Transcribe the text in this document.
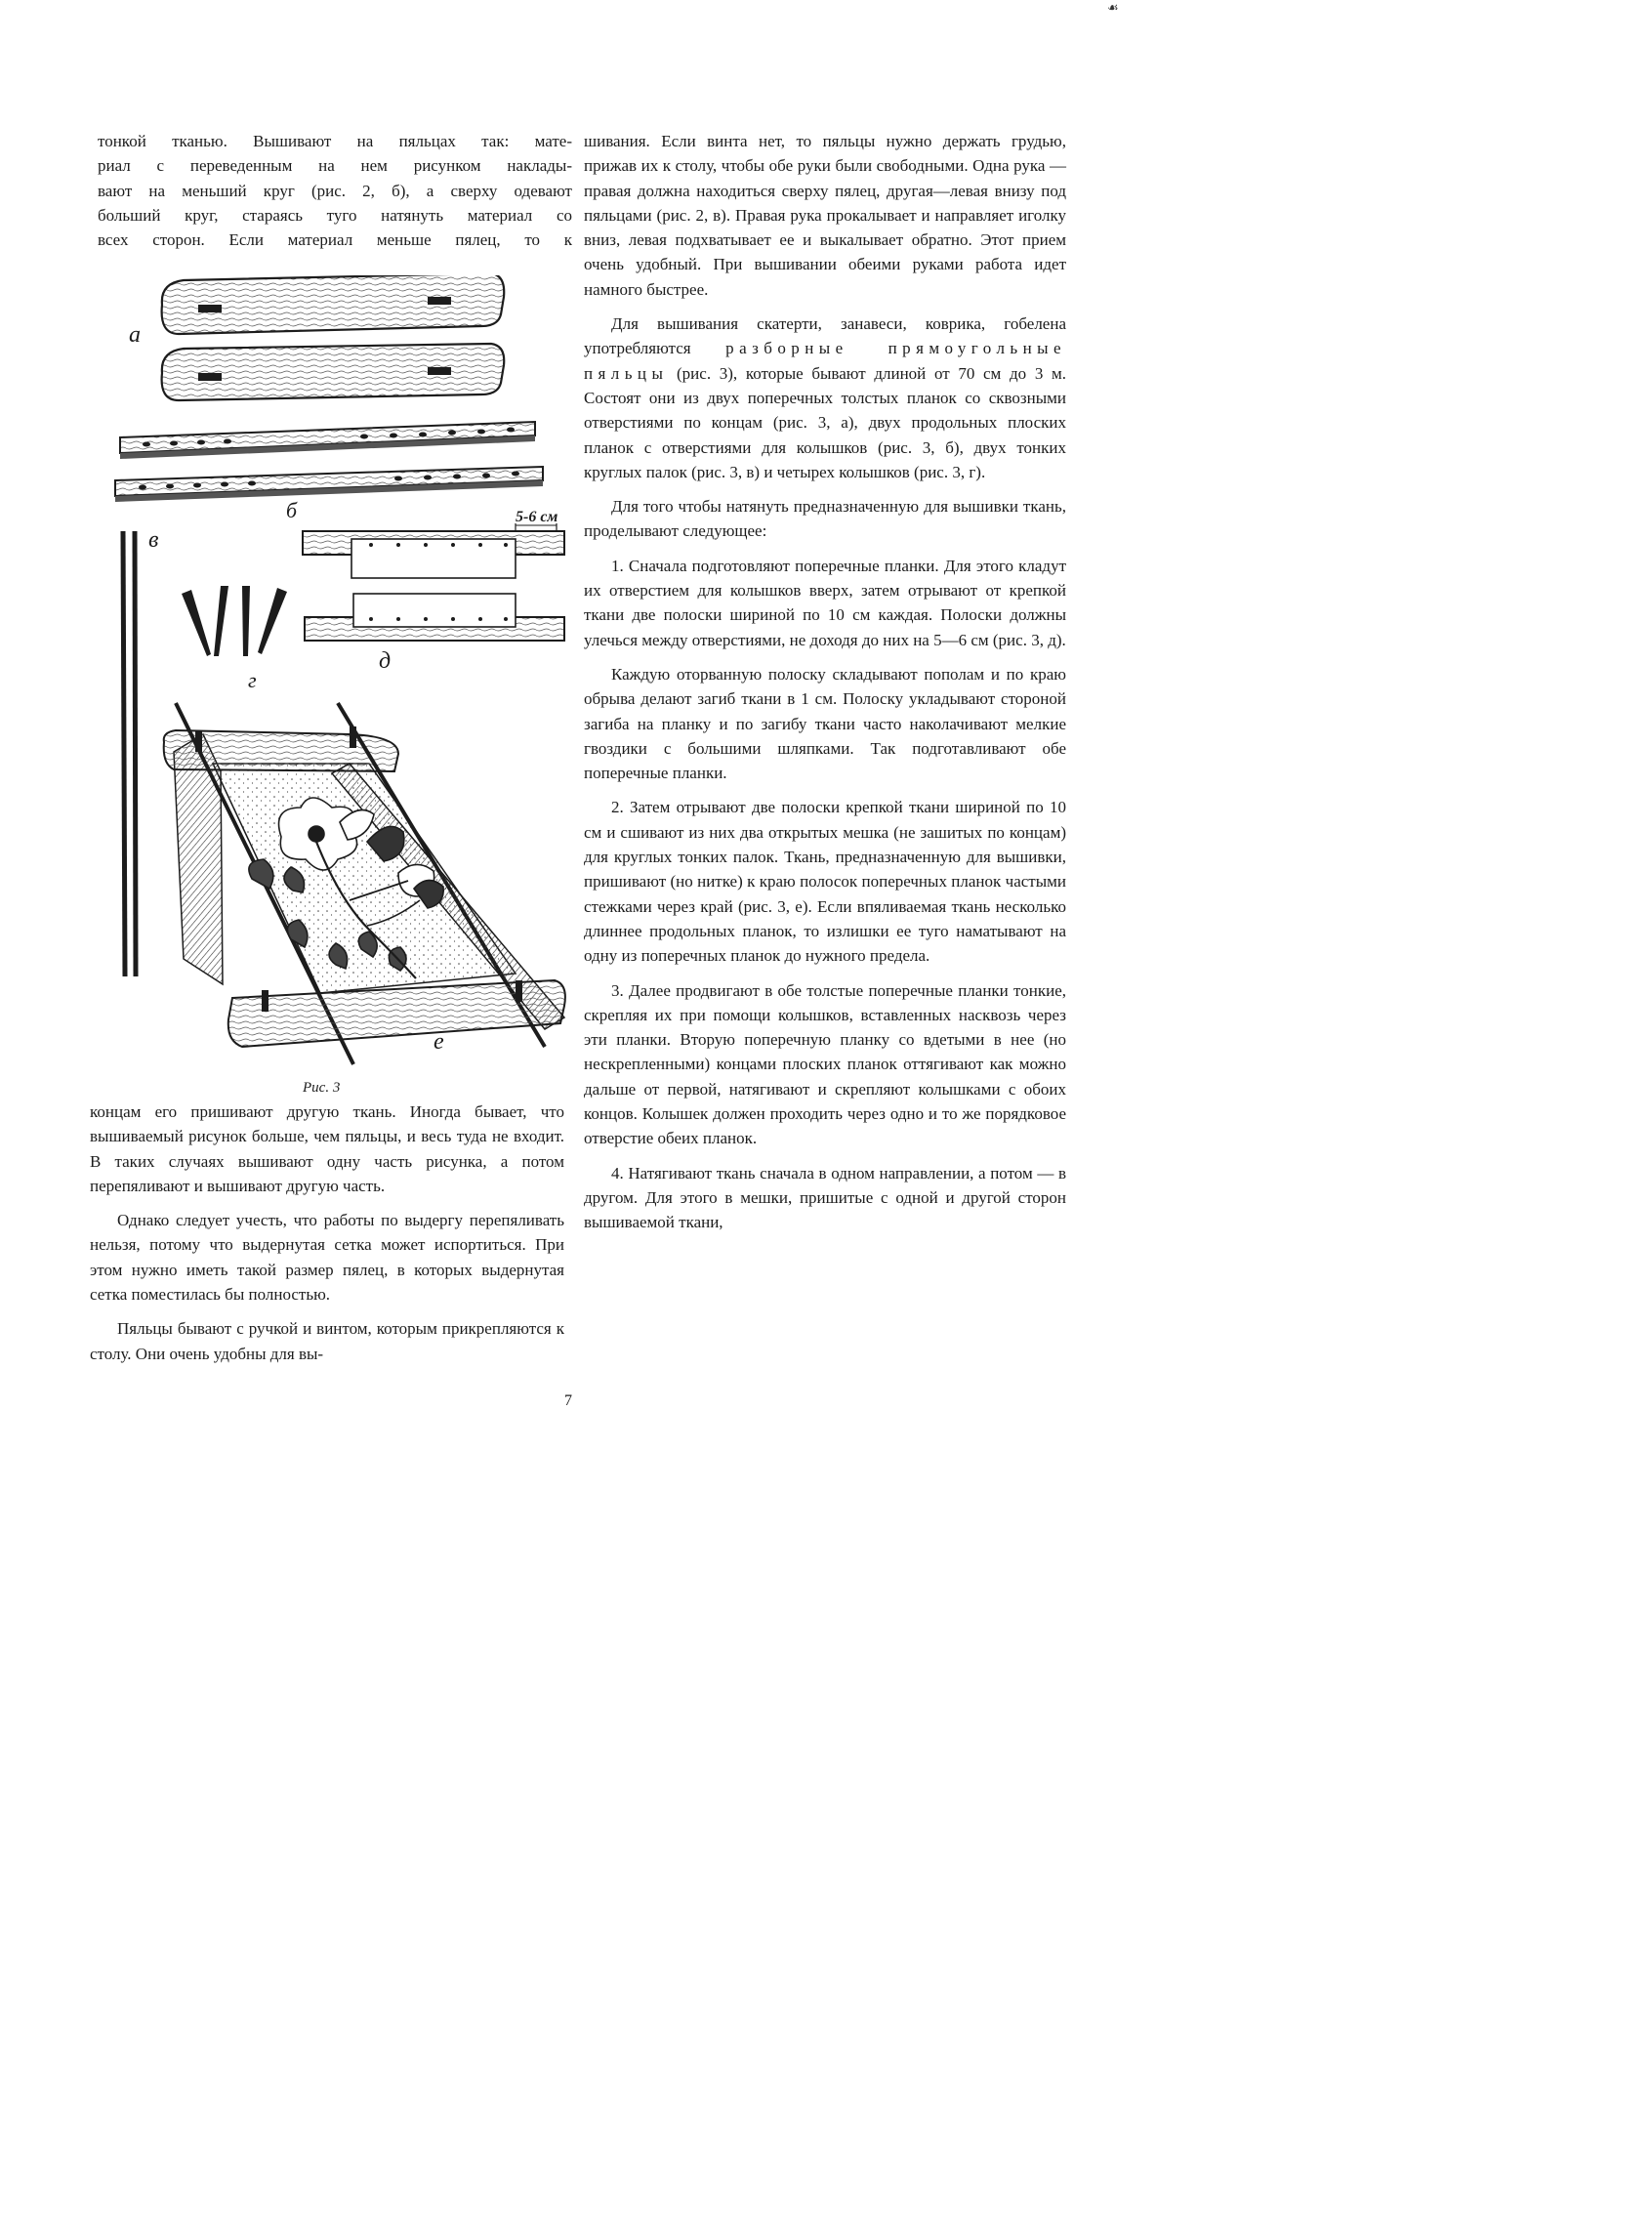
☙
тонкой тканью. Вышивают на пяльцах так: мате-
риал с переведенным на нем рисунком наклады-
вают на меньший круг (рис. 2, б), а сверху одевают
больший круг, стараясь туго натянуть материал со
всех сторон. Если материал меньше пялец, то к
а
б
в
г
5-6 см
д
е
Рис. 3

концам его пришивают другую ткань. Иногда бывает, что вышиваемый рисунок больше, чем пяльцы, и весь туда не входит. В таких случаях вышивают одну часть рисунка, а потом перепяливают и вышивают другую часть.

Однако следует учесть, что работы по выдергу перепяливать нельзя, потому что выдернутая сетка может испортиться. При этом нужно иметь такой размер пялец, в которых выдернутая сетка поместилась бы полностью.

Пяльцы бывают с ручкой и винтом, которым прикрепляются к столу. Они очень удобны для вы-

шивания. Если винта нет, то пяльцы нужно держать грудью, прижав их к столу, чтобы обе руки были свободными. Одна рука — правая должна находиться сверху пялец, другая—левая внизу под пяльцами (рис. 2, в). Правая рука прокалывает и направляет иголку вниз, левая подхватывает ее и выкалывает обратно. Этот прием очень удобный. При вышивании обеими руками работа идет намного быстрее.

Для вышивания скатерти, занавеси, коврика, гобелена употребляются разборные прямоугольные пяльцы (рис. 3), которые бывают длиной от 70 см до 3 м. Состоят они из двух поперечных толстых планок со сквозными отверстиями по концам (рис. 3, а), двух продольных плоских планок с отверстиями для колышков (рис. 3, б), двух тонких круглых палок (рис. 3, в) и четырех колышков (рис. 3, г).

Для того чтобы натянуть предназначенную для вышивки ткань, проделывают следующее:

1. Сначала подготовляют поперечные планки. Для этого кладут их отверстием для колышков вверх, затем отрывают от крепкой ткани две полоски шириной по 10 см каждая. Полоски должны улечься между отверстиями, не доходя до них на 5—6 см (рис. 3, д).

Каждую оторванную полоску складывают пополам и по краю обрыва делают загиб ткани в 1 см. Полоску укладывают стороной загиба на планку и по загибу ткани часто наколачивают мелкие гвоздики с большими шляпками. Так подготавливают обе поперечные планки.

2. Затем отрывают две полоски крепкой ткани шириной по 10 см и сшивают из них два открытых мешка (не зашитых по концам) для круглых тонких палок. Ткань, предназначенную для вышивки, пришивают (но нитке) к краю полосок поперечных планок частыми стежками через край (рис. 3, е). Если впяливаемая ткань несколько длиннее продольных планок, то излишки ее туго наматывают на одну из поперечных планок до нужного предела.

3. Далее продвигают в обе толстые поперечные планки тонкие, скрепляя их при помощи колышков, вставленных насквозь через эти планки. Вторую поперечную планку со вдетыми в нее (но нескрепленными) концами плоских планок оттягивают как можно дальше от первой, натягивают и скрепляют колышками с обоих концов. Колышек должен проходить через одно и то же порядковое отверстие обеих планок.

4. Натягивают ткань сначала в одном направлении, а потом — в другом. Для этого в мешки, пришитые с одной и другой сторон вышиваемой ткани,

7
